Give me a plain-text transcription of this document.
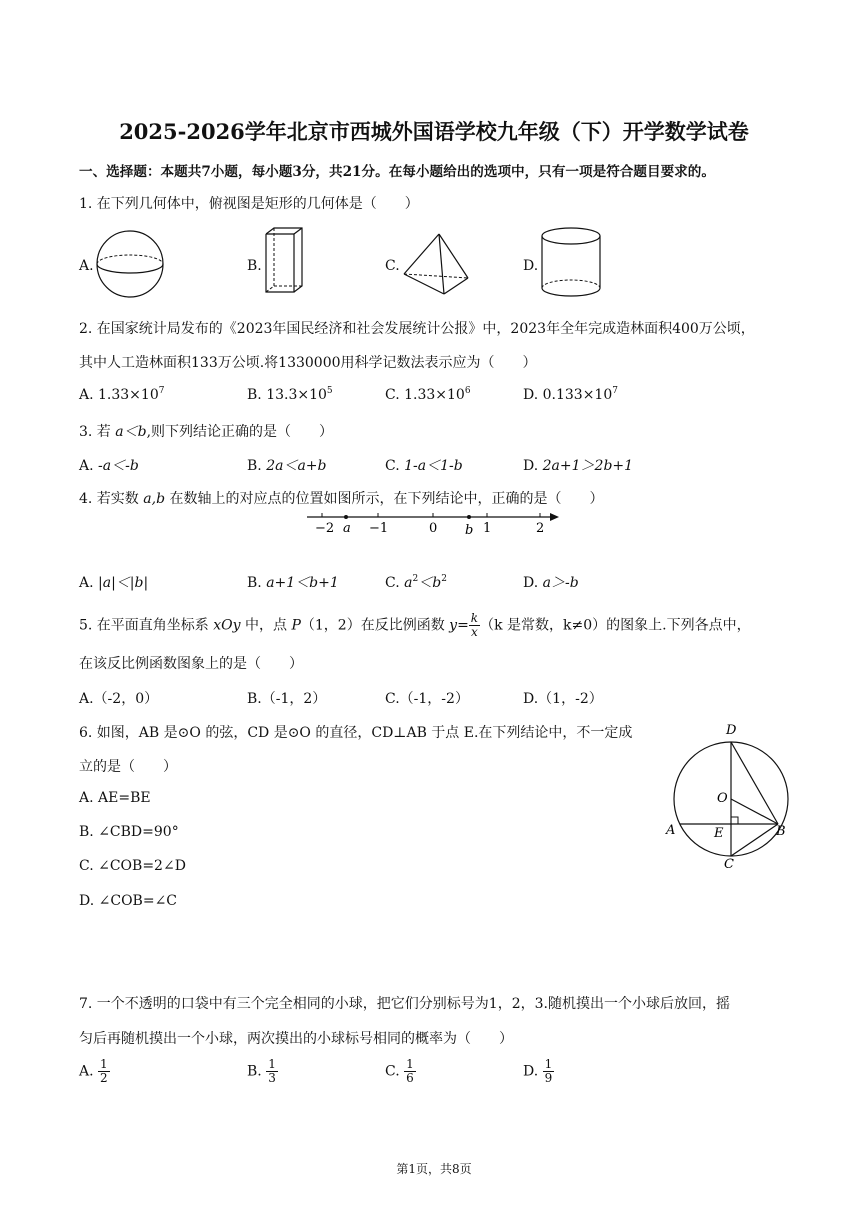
2025-2026学年北京市西城外国语学校九年级（下）开学数学试卷
一、选择题：本题共7小题，每小题3分，共21分。在每小题给出的选项中，只有一项是符合题目要求的。
1. 在下列几何体中，俯视图是矩形的几何体是（　　）
A.	B.	C.	D.
2. 在国家统计局发布的《2023年国民经济和社会发展统计公报》中，2023年全年完成造林面积400万公顷，
其中人工造林面积133万公顷.将1330000用科学记数法表示应为（　　）
A. $1.33\times 10^7$	B. $13.3\times 10^5$	C. $1.33\times 10^6$	D. $0.133\times 10^7$
3. 若 a＜b,则下列结论正确的是（　　）
A. -a＜-b	B. 2a＜a+b	C. 1-a＜1-b	D. 2a+1＞2b+1
4. 若实数 a,b 在数轴上的对应点的位置如图所示，在下列结论中，正确的是（　　）
−2 a −1	0 b 1	2
A. |a|＜|b|	B. a+1＜b+1	C. $a^2<b^2$	D. a＞-b
5. 在平面直角坐标系 xOy 中，点 P（1，2）在反比例函数 $y= \frac{k}{x} (k$ 是常数，k≠0）的图象上.下列各点中，
在该反比例函数图象上的是（　　）
A.（-2，0）	B.（-1，2）	C.（-1，-2）	D.（1，-2）
6. 如图，AB 是⊙O 的弦，CD 是⊙O 的直径，CD⊥AB 于点 E.在下列结论中，不一定成
立的是（　　）
A. AE=BE
B. ∠CBD=90°
C. ∠COB=2∠D
D. ∠COB=∠C
D
O
A	E	B
C
7. 一个不透明的口袋中有三个完全相同的小球，把它们分别标号为1，2，3.随机摸出一个小球后放回，摇
匀后再随机摸出一个小球，两次摸出的小球标号相同的概率为（　　）
A. $\frac{1}{2}$	B. $\frac{1}{3}$	C. $\frac{1}{6}$	D. $\frac{1}{9}$
第1页，共8页
